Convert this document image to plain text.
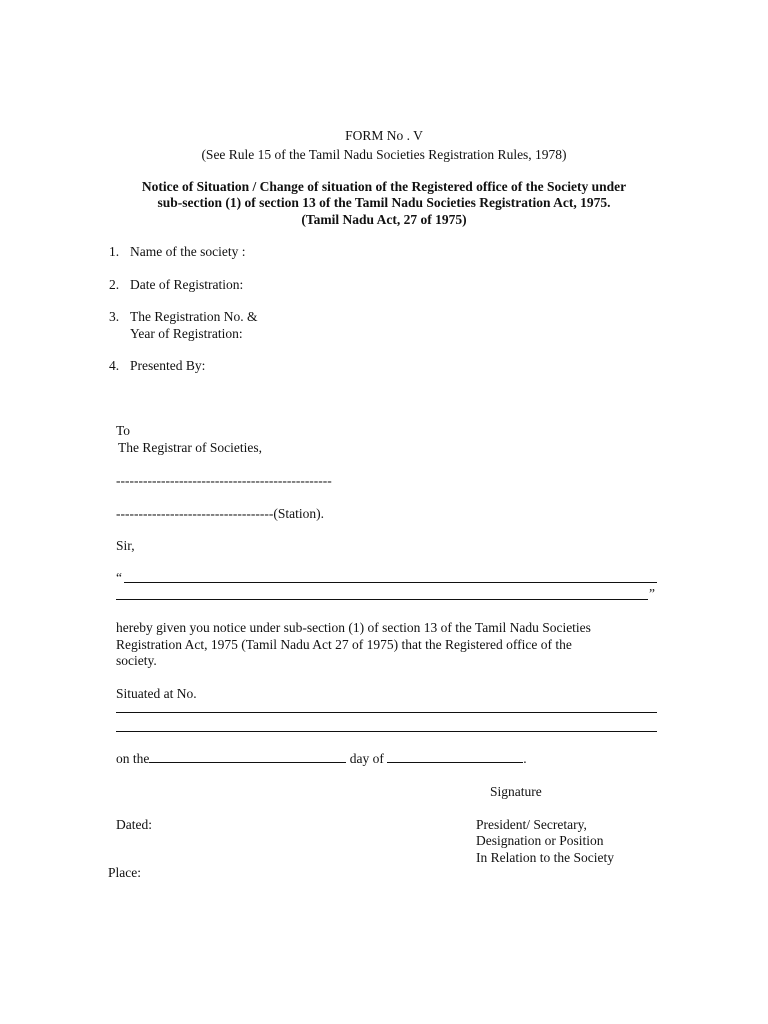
FORM No . V
(See Rule 15 of the Tamil Nadu Societies Registration Rules, 1978)
Notice of Situation / Change of situation of the Registered office of the Society under
sub-section (1) of section 13 of the Tamil Nadu Societies Registration Act, 1975.
(Tamil Nadu Act, 27 of 1975)
1. Name of the society :
2. Date of Registration:
3. The Registration No. &
Year of Registration:
4. Presented By:
To
The Registrar of Societies,
------------------------------------------------
-----------------------------------(Station).
Sir,
“
”
hereby given you notice under sub-section (1) of section 13 of the Tamil Nadu Societies
Registration Act, 1975 (Tamil Nadu Act 27 of 1975) that the Registered office of the
society.
Situated at No.
on the	day of	.
Signature
Dated:	President/ Secretary,
Designation or Position
In Relation to the Society
Place:
